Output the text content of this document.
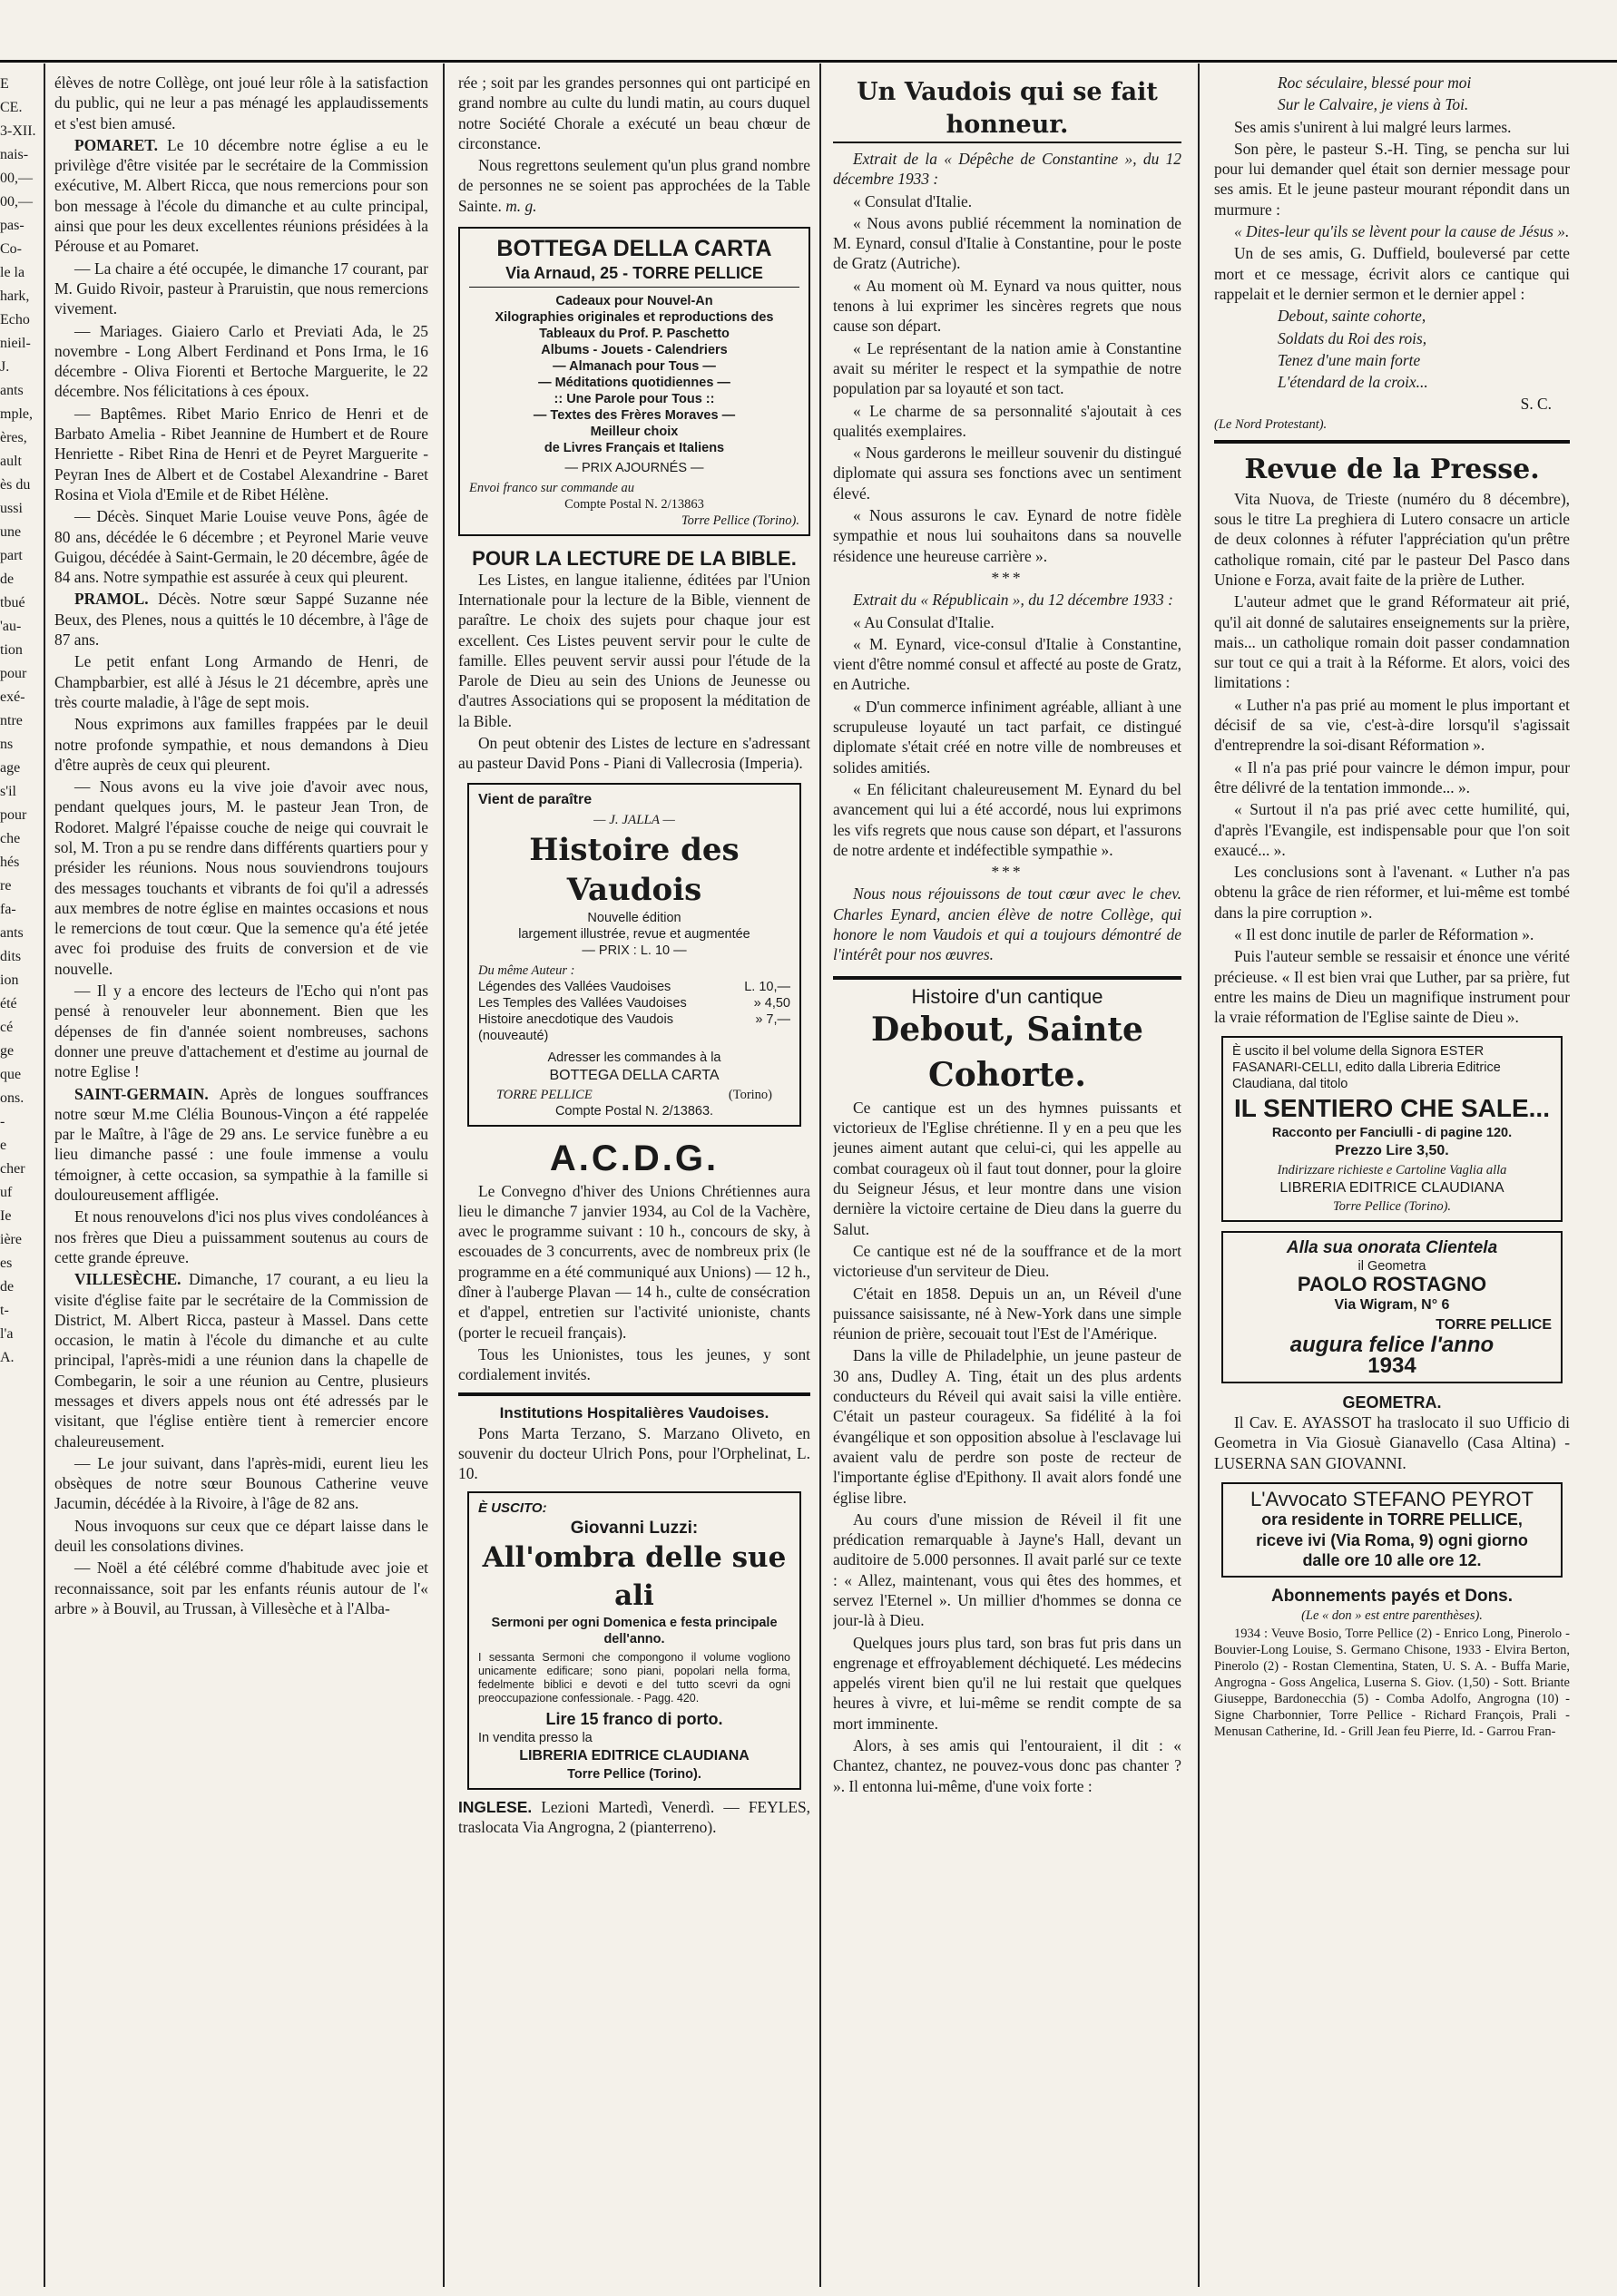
E
CE.
3-XII.
nais-
00,—
00,—
pas-
Co-
le la
hark,
Echo
nieil-
J.
ants
mple,
ères,
ault
ès du
ussi
une
part
de
tbué
'au-
tion
pour
exé-
ntre
ns
age
s'il
pour
che
hés
re
fa-
ants
dits
ion
été
cé
ge
que
ons.
-
e
cher
uf
Ie
ière
es
de
t-
l'a
A.

élèves de notre Collège, ont joué leur rôle à la satisfaction du public, qui ne leur a pas ménagé les applaudissements et s'est bien amusé.

POMARET. Le 10 décembre notre église a eu le privilège d'être visitée par le secrétaire de la Commission exécutive, M. Albert Ricca, que nous remercions pour son bon message à l'école du dimanche et au culte principal, ainsi que pour les deux excellentes réunions présidées à la Pérouse et au Pomaret.

— La chaire a été occupée, le dimanche 17 courant, par M. Guido Rivoir, pasteur à Praruistin, que nous remercions vivement.

— Mariages. Giaiero Carlo et Previati Ada, le 25 novembre - Long Albert Ferdinand et Pons Irma, le 16 décembre - Oliva Fiorenti et Bertoche Marguerite, le 22 décembre. Nos félicitations à ces époux.

— Baptêmes. Ribet Mario Enrico de Henri et de Barbato Amelia - Ribet Jeannine de Humbert et de Roure Henriette - Ribet Rina de Henri et de Peyret Marguerite - Peyran Ines de Albert et de Costabel Alexandrine - Baret Rosina et Viola d'Emile et de Ribet Hélène.

— Décès. Sinquet Marie Louise veuve Pons, âgée de 80 ans, décédée le 6 décembre ; et Peyronel Marie veuve Guigou, décédée à Saint-Germain, le 20 décembre, âgée de 84 ans. Notre sympathie est assurée à ceux qui pleurent.

PRAMOL. Décès. Notre sœur Sappé Suzanne née Beux, des Plenes, nous a quittés le 10 décembre, à l'âge de 87 ans.

Le petit enfant Long Armando de Henri, de Champbarbier, est allé à Jésus le 21 décembre, après une très courte maladie, à l'âge de sept mois.

Nous exprimons aux familles frappées par le deuil notre profonde sympathie, et nous demandons à Dieu d'être auprès de ceux qui pleurent.

— Nous avons eu la vive joie d'avoir avec nous, pendant quelques jours, M. le pasteur Jean Tron, de Rodoret. Malgré l'épaisse couche de neige qui couvrait le sol, M. Tron a pu se rendre dans différents quartiers pour y présider les réunions. Nous nous souviendrons toujours des messages touchants et vibrants de foi qu'il a adressés aux membres de notre église en maintes occasions et nous le remercions de tout cœur. Que la semence qu'a été jetée avec foi produise des fruits de conversion et de vie nouvelle.

— Il y a encore des lecteurs de l'Echo qui n'ont pas pensé à renouveler leur abonnement. Bien que les dépenses de fin d'année soient nombreuses, sachons donner une preuve d'attachement et d'estime au journal de notre Eglise !

SAINT-GERMAIN. Après de longues souffrances notre sœur M.me Clélia Bounous-Vinçon a été rappelée par le Maître, à l'âge de 29 ans. Le service funèbre a eu lieu dimanche passé : une foule immense a voulu témoigner, à cette occasion, sa sympathie à la famille si douloureusement affligée.

Et nous renouvelons d'ici nos plus vives condoléances à nos frères que Dieu a puissamment soutenus au cours de cette grande épreuve.

VILLESÈCHE. Dimanche, 17 courant, a eu lieu la visite d'église faite par le secrétaire de la Commission de District, M. Albert Ricca, pasteur à Massel. Dans cette occasion, le matin à l'école du dimanche et au culte principal, l'après-midi a une réunion dans la chapelle de Combegarin, le soir a une réunion au Centre, plusieurs messages et divers appels nous ont été adressés par le visitant, que l'église entière tient à remercier encore chaleureusement.

— Le jour suivant, dans l'après-midi, eurent lieu les obsèques de notre sœur Bounous Catherine veuve Jacumin, décédée à la Rivoire, à l'âge de 82 ans.

Nous invoquons sur ceux que ce départ laisse dans le deuil les consolations divines.

— Noël a été célébré comme d'habitude avec joie et reconnaissance, soit par les enfants réunis autour de l'« arbre » à Bouvil, au Trussan, à Villesèche et à l'Alba-

rée ; soit par les grandes personnes qui ont participé en grand nombre au culte du lundi matin, au cours duquel notre Société Chorale a exécuté un beau chœur de circonstance.

Nous regrettons seulement qu'un plus grand nombre de personnes ne se soient pas approchées de la Table Sainte. m. g.

BOTTEGA DELLA CARTA
Via Arnaud, 25 - TORRE PELLICE
Cadeaux pour Nouvel-An
Xilographies originales et reproductions des Tableaux du Prof. P. Paschetto
Albums - Jouets - Calendriers
— Almanach pour Tous —
— Méditations quotidiennes —
:: Une Parole pour Tous ::
— Textes des Frères Moraves —
Meilleur choix
de Livres Français et Italiens
— PRIX AJOURNÉS —
Envoi franco sur commande au
Compte Postal N. 2/13863
Torre Pellice (Torino).
POUR LA LECTURE DE LA BIBLE.

Les Listes, en langue italienne, éditées par l'Union Internationale pour la lecture de la Bible, viennent de paraître. Le choix des sujets pour chaque jour est excellent. Ces Listes peuvent servir pour le culte de famille. Elles peuvent servir aussi pour l'étude de la Parole de Dieu au sein des Unions de Jeunesse ou d'autres Associations qui se proposent la méditation de la Bible.

On peut obtenir des Listes de lecture en s'adressant au pasteur David Pons - Piani di Vallecrosia (Imperia).

Vient de paraître
— J. JALLA —
Histoire des Vaudois
Nouvelle édition
largement illustrée, revue et augmentée
— PRIX : L. 10 —
Du même Auteur :
Légendes des Vallées Vaudoises	L. 10,—
Les Temples des Vallées Vaudoises	» 4,50
Histoire anecdotique des Vaudois (nouveauté)
» 7,—
Adresser les commandes à la
BOTTEGA DELLA CARTA
TORRE PELLICE	(Torino)
Compte Postal N. 2/13863.
A.C.D.G.

Le Convegno d'hiver des Unions Chrétiennes aura lieu le dimanche 7 janvier 1934, au Col de la Vachère, avec le programme suivant : 10 h., concours de sky, à escouades de 3 concurrents, avec de nombreux prix (le programme en a été communiqué aux Unions) — 12 h., dîner à l'auberge Plavan — 14 h., culte de consécration et d'appel, entretien sur l'activité unioniste, chants (porter le recueil français).

Tous les Unionistes, tous les jeunes, y sont cordialement invités.

Institutions Hospitalières Vaudoises.

Pons Marta Terzano, S. Marzano Oliveto, en souvenir du docteur Ulrich Pons, pour l'Orphelinat, L. 10.

È USCITO:
Giovanni Luzzi:
All'ombra delle sue ali
Sermoni per ogni Domenica e festa principale dell'anno.
I sessanta Sermoni che compongono il volume vogliono unicamente edificare; sono piani, popolari nella forma, fedelmente biblici e devoti e del tutto scevri da ogni preoccupazione confessionale. - Pagg. 420.
Lire 15 franco di porto.
In vendita presso la
LIBRERIA EDITRICE CLAUDIANA
Torre Pellice (Torino).

INGLESE. Lezioni Martedì, Venerdì. — FEYLES, traslocata Via Angrogna, 2 (pianterreno).

Un Vaudois qui se fait honneur.

Extrait de la « Dépêche de Constantine », du 12 décembre 1933 :

« Consulat d'Italie.

« Nous avons publié récemment la nomination de M. Eynard, consul d'Italie à Constantine, pour le poste de Gratz (Autriche).

« Au moment où M. Eynard va nous quitter, nous tenons à lui exprimer les sincères regrets que nous cause son départ.

« Le représentant de la nation amie à Constantine avait su mériter le respect et la sympathie de notre population par sa loyauté et son tact.

« Le charme de sa personnalité s'ajoutait à ces qualités exemplaires.

« Nous garderons le meilleur souvenir du distingué diplomate qui assura ses fonctions avec un sentiment élevé.

« Nous assurons le cav. Eynard de notre fidèle sympathie et nous lui souhaitons dans sa nouvelle résidence une heureuse carrière ».

***

Extrait du « Républicain », du 12 décembre 1933 :

« Au Consulat d'Italie.

« M. Eynard, vice-consul d'Italie à Constantine, vient d'être nommé consul et affecté au poste de Gratz, en Autriche.

« D'un commerce infiniment agréable, alliant à une scrupuleuse loyauté un tact parfait, ce distingué diplomate s'était créé en notre ville de nombreuses et solides amitiés.

« En félicitant chaleureusement M. Eynard du bel avancement qui lui a été accordé, nous lui exprimons les vifs regrets que nous cause son départ, et l'assurons de notre ardente et indéfectible sympathie ».

***

Nous nous réjouissons de tout cœur avec le chev. Charles Eynard, ancien élève de notre Collège, qui honore le nom Vaudois et qui a toujours démontré de l'intérêt pour nos œuvres.

Histoire d'un cantique
Debout, Sainte Cohorte.

Ce cantique est un des hymnes puissants et victorieux de l'Eglise chrétienne. Il y en a peu que les jeunes aiment autant que celui-ci, qui les appelle au combat courageux où il faut tout donner, pour la gloire du Seigneur Jésus, et leur montre dans une vision dernière la victoire certaine de Dieu dans la guerre du Salut.

Ce cantique est né de la souffrance et de la mort victorieuse d'un serviteur de Dieu.

C'était en 1858. Depuis un an, un Réveil d'une puissance saisissante, né à New-York dans une simple réunion de prière, secouait tout l'Est de l'Amérique.

Dans la ville de Philadelphie, un jeune pasteur de 30 ans, Dudley A. Ting, était un des plus ardents conducteurs du Réveil qui avait saisi la ville entière. C'était un pasteur courageux. Sa fidélité à la foi évangélique et son opposition absolue à l'esclavage lui avaient valu de perdre son poste de recteur de l'importante église d'Epithony. Il avait alors fondé une église libre.

Au cours d'une mission de Réveil il fit une prédication remarquable à Jayne's Hall, devant un auditoire de 5.000 personnes. Il avait parlé sur ce texte : « Allez, maintenant, vous qui êtes des hommes, et servez l'Eternel ». Un millier d'hommes se donna ce jour-là à Dieu.

Quelques jours plus tard, son bras fut pris dans un engrenage et effroyablement déchiqueté. Les médecins appelés virent bien qu'il ne lui restait que quelques heures à vivre, et lui-même se rendit compte de sa mort imminente.

Alors, à ses amis qui l'entouraient, il dit : « Chantez, chantez, ne pouvez-vous donc pas chanter ? ». Il entonna lui-même, d'une voix forte :

Roc séculaire, blessé pour moi

Sur le Calvaire, je viens à Toi.

Ses amis s'unirent à lui malgré leurs larmes.

Son père, le pasteur S.-H. Ting, se pencha sur lui pour lui demander quel était son dernier message pour ses amis. Et le jeune pasteur mourant répondit dans un murmure :

« Dites-leur qu'ils se lèvent pour la cause de Jésus ».

Un de ses amis, G. Duffield, bouleversé par cette mort et ce message, écrivit alors ce cantique qui rappelait et le dernier sermon et le dernier appel :

Debout, sainte cohorte,

Soldats du Roi des rois,

Tenez d'une main forte

L'étendard de la croix...

S. C.

(Le Nord Protestant).

Revue de la Presse.

Vita Nuova, de Trieste (numéro du 8 décembre), sous le titre La preghiera di Lutero consacre un article de deux colonnes à réfuter l'appréciation qu'un prêtre catholique romain, cité par le pasteur Del Pasco dans Unione e Forza, avait faite de la prière de Luther.

L'auteur admet que le grand Réformateur ait prié, qu'il ait donné de salutaires enseignements sur la prière, mais... un catholique romain doit passer condamnation sur tout ce qui a trait à la Réforme. Et alors, voici des limitations :

« Luther n'a pas prié au moment le plus important et décisif de sa vie, c'est-à-dire lorsqu'il s'agissait d'entreprendre la soi-disant Réformation ».

« Il n'a pas prié pour vaincre le démon impur, pour être délivré de la tentation immonde... ».

« Surtout il n'a pas prié avec cette humilité, qui, d'après l'Evangile, est indispensable pour que l'on soit exaucé... ».

Les conclusions sont à l'avenant. « Luther n'a pas obtenu la grâce de rien réformer, et lui-même est tombé dans la pire corruption ».

« Il est donc inutile de parler de Réformation ».

Puis l'auteur semble se ressaisir et énonce une vérité précieuse. « Il est bien vrai que Luther, par sa prière, fut entre les mains de Dieu un magnifique instrument pour la vraie réformation de l'Eglise sainte de Dieu ».

È uscito il bel volume della Signora ESTER FASANARI-CELLI, edito dalla Libreria Editrice Claudiana, dal titolo
IL SENTIERO CHE SALE...
Racconto per Fanciulli - di pagine 120.
Prezzo Lire 3,50.
Indirizzare richieste e Cartoline Vaglia alla
LIBRERIA EDITRICE CLAUDIANA
Torre Pellice (Torino).
Alla sua onorata Clientela
il Geometra
PAOLO ROSTAGNO
Via Wigram, N° 6
TORRE PELLICE
augura felice l'anno
1934
GEOMETRA.

Il Cav. E. AYASSOT ha traslocato il suo Ufficio di Geometra in Via Giosuè Gianavello (Casa Altina) - LUSERNA SAN GIOVANNI.

L'Avvocato STEFANO PEYROT
ora residente in TORRE PELLICE,
riceve ivi (Via Roma, 9) ogni giorno
dalle ore 10 alle ore 12.
Abonnements payés et Dons.

(Le « don » est entre parenthèses).

1934 : Veuve Bosio, Torre Pellice (2) - Enrico Long, Pinerolo - Bouvier-Long Louise, S. Germano Chisone, 1933 - Elvira Berton, Pinerolo (2) - Rostan Clementina, Staten, U. S. A. - Buffa Marie, Angrogna - Goss Angelica, Luserna S. Giov. (1,50) - Sott. Briante Giuseppe, Bardonecchia (5) - Comba Adolfo, Angrogna (10) - Signe Charbonnier, Torre Pellice - Richard François, Prali - Menusan Catherine, Id. - Grill Jean feu Pierre, Id. - Garrou Fran-
